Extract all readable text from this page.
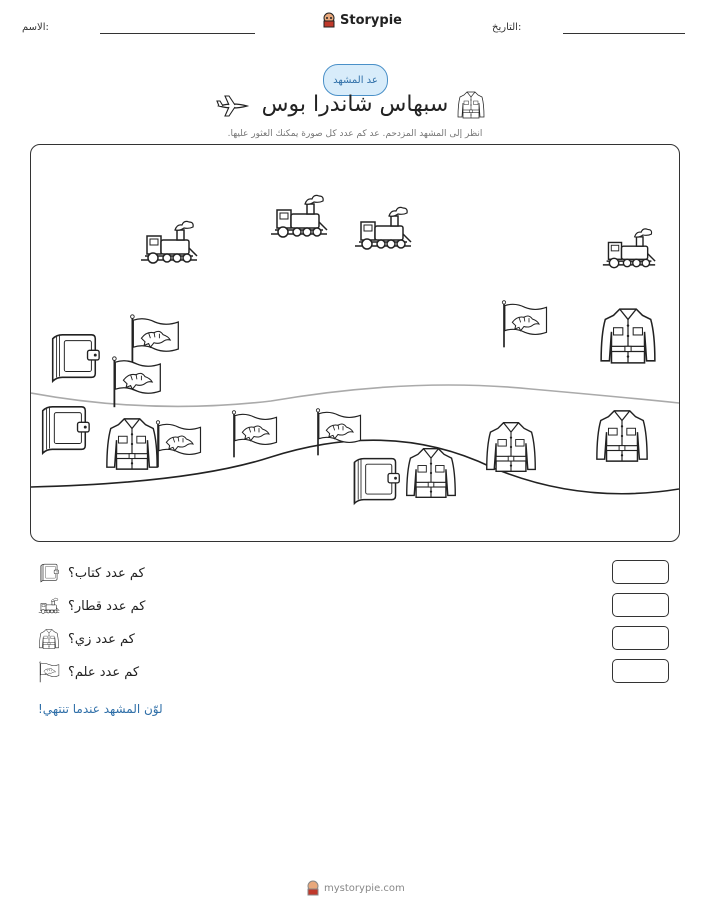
الاسم:	التاريخ:
Storypie
عد المشهد
سبهاس شاندرا بوس
انظر إلى المشهد المزدحم. عد كم عدد كل صورة يمكنك العثور عليها.
كم عدد كتاب؟
كم عدد قطار؟
كم عدد زي؟
كم عدد علم؟
لوّن المشهد عندما تنتهي!
mystorypie.com
